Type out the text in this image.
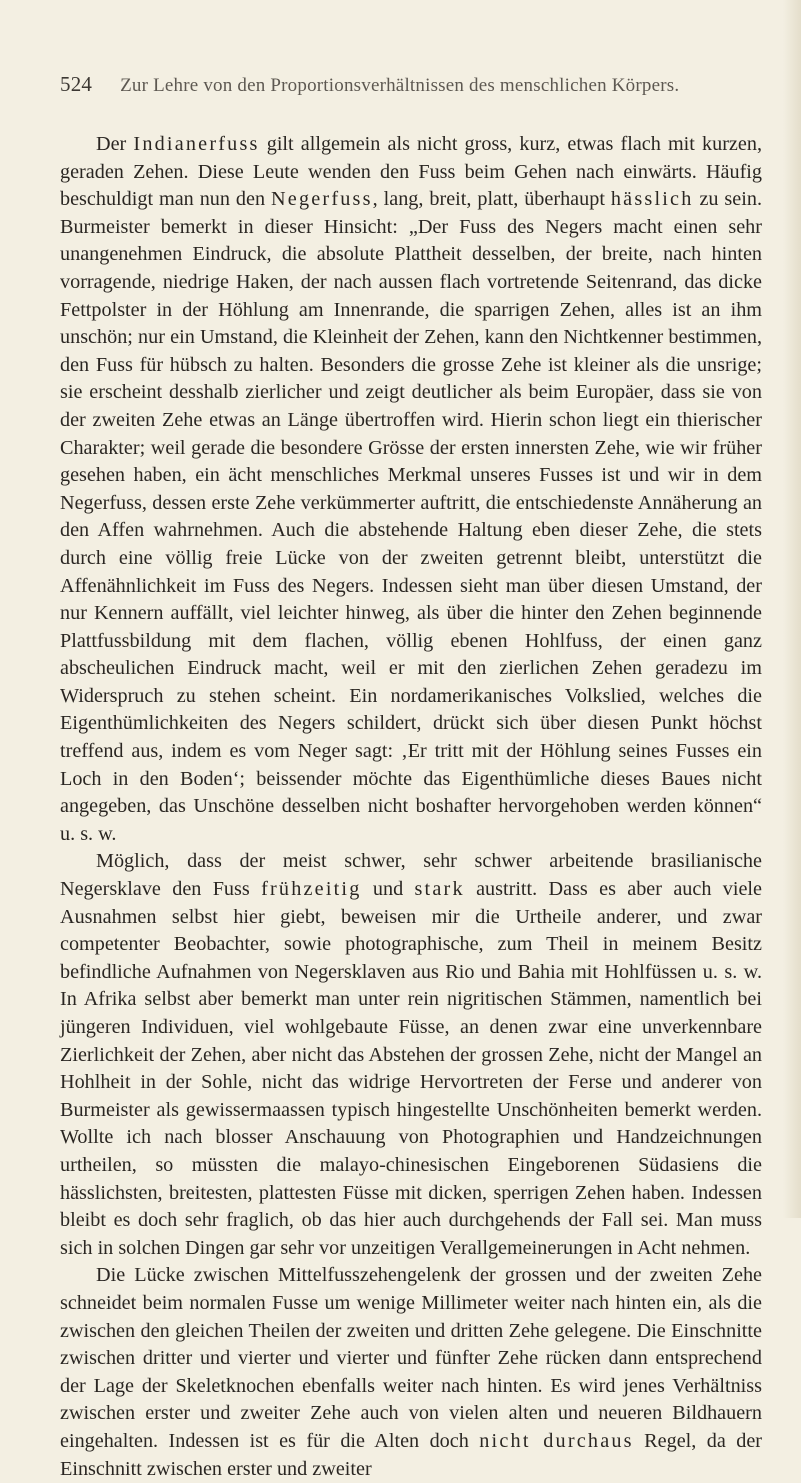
524 Zur Lehre von den Proportionsverhältnissen des menschlichen Körpers.

Der Indianerfuss gilt allgemein als nicht gross, kurz, etwas flach mit kurzen, geraden Zehen. Diese Leute wenden den Fuss beim Gehen nach einwärts. Häufig beschuldigt man nun den Negerfuss, lang, breit, platt, überhaupt hässlich zu sein. Burmeister bemerkt in dieser Hinsicht: „Der Fuss des Negers macht einen sehr unangenehmen Eindruck, die absolute Plattheit desselben, der breite, nach hinten vorragende, niedrige Haken, der nach aussen flach vortretende Seitenrand, das dicke Fettpolster in der Höhlung am Innenrande, die sparrigen Zehen, alles ist an ihm unschön; nur ein Umstand, die Kleinheit der Zehen, kann den Nichtkenner bestimmen, den Fuss für hübsch zu halten. Besonders die grosse Zehe ist kleiner als die unsrige; sie erscheint desshalb zierlicher und zeigt deutlicher als beim Europäer, dass sie von der zweiten Zehe etwas an Länge übertroffen wird. Hierin schon liegt ein thierischer Charakter; weil gerade die besondere Grösse der ersten innersten Zehe, wie wir früher gesehen haben, ein ächt menschliches Merkmal unseres Fusses ist und wir in dem Negerfuss, dessen erste Zehe verkümmerter auftritt, die entschiedenste Annäherung an den Affen wahrnehmen. Auch die abstehende Haltung eben dieser Zehe, die stets durch eine völlig freie Lücke von der zweiten getrennt bleibt, unterstützt die Affenähnlichkeit im Fuss des Negers. Indessen sieht man über diesen Umstand, der nur Kennern auffällt, viel leichter hinweg, als über die hinter den Zehen beginnende Plattfussbildung mit dem flachen, völlig ebenen Hohlfuss, der einen ganz abscheulichen Eindruck macht, weil er mit den zierlichen Zehen geradezu im Widerspruch zu stehen scheint. Ein nordamerikanisches Volkslied, welches die Eigenthümlichkeiten des Negers schildert, drückt sich über diesen Punkt höchst treffend aus, indem es vom Neger sagt: ‚Er tritt mit der Höhlung seines Fusses ein Loch in den Boden‘; beissender möchte das Eigenthümliche dieses Baues nicht angegeben, das Unschöne desselben nicht boshafter hervorgehoben werden können“ u. s. w.

Möglich, dass der meist schwer, sehr schwer arbeitende brasilianische Negersklave den Fuss frühzeitig und stark austritt. Dass es aber auch viele Ausnahmen selbst hier giebt, beweisen mir die Urtheile anderer, und zwar competenter Beobachter, sowie photographische, zum Theil in meinem Besitz befindliche Aufnahmen von Negersklaven aus Rio und Bahia mit Hohlfüssen u. s. w. In Afrika selbst aber bemerkt man unter rein nigritischen Stämmen, namentlich bei jüngeren Individuen, viel wohlgebaute Füsse, an denen zwar eine unverkennbare Zierlichkeit der Zehen, aber nicht das Abstehen der grossen Zehe, nicht der Mangel an Hohlheit in der Sohle, nicht das widrige Hervortreten der Ferse und anderer von Burmeister als gewissermaassen typisch hingestellte Unschönheiten bemerkt werden. Wollte ich nach blosser Anschauung von Photographien und Handzeichnungen urtheilen, so müssten die malayo-chinesischen Eingeborenen Südasiens die hässlichsten, breitesten, plattesten Füsse mit dicken, sperrigen Zehen haben. Indessen bleibt es doch sehr fraglich, ob das hier auch durchgehends der Fall sei. Man muss sich in solchen Dingen gar sehr vor unzeitigen Verallgemeinerungen in Acht nehmen.

Die Lücke zwischen Mittelfusszehengelenk der grossen und der zweiten Zehe schneidet beim normalen Fusse um wenige Millimeter weiter nach hinten ein, als die zwischen den gleichen Theilen der zweiten und dritten Zehe gelegene. Die Einschnitte zwischen dritter und vierter und vierter und fünfter Zehe rücken dann entsprechend der Lage der Skeletknochen ebenfalls weiter nach hinten. Es wird jenes Verhältniss zwischen erster und zweiter Zehe auch von vielen alten und neueren Bildhauern eingehalten. Indessen ist es für die Alten doch nicht durchaus Regel, da der Einschnitt zwischen erster und zweiter
